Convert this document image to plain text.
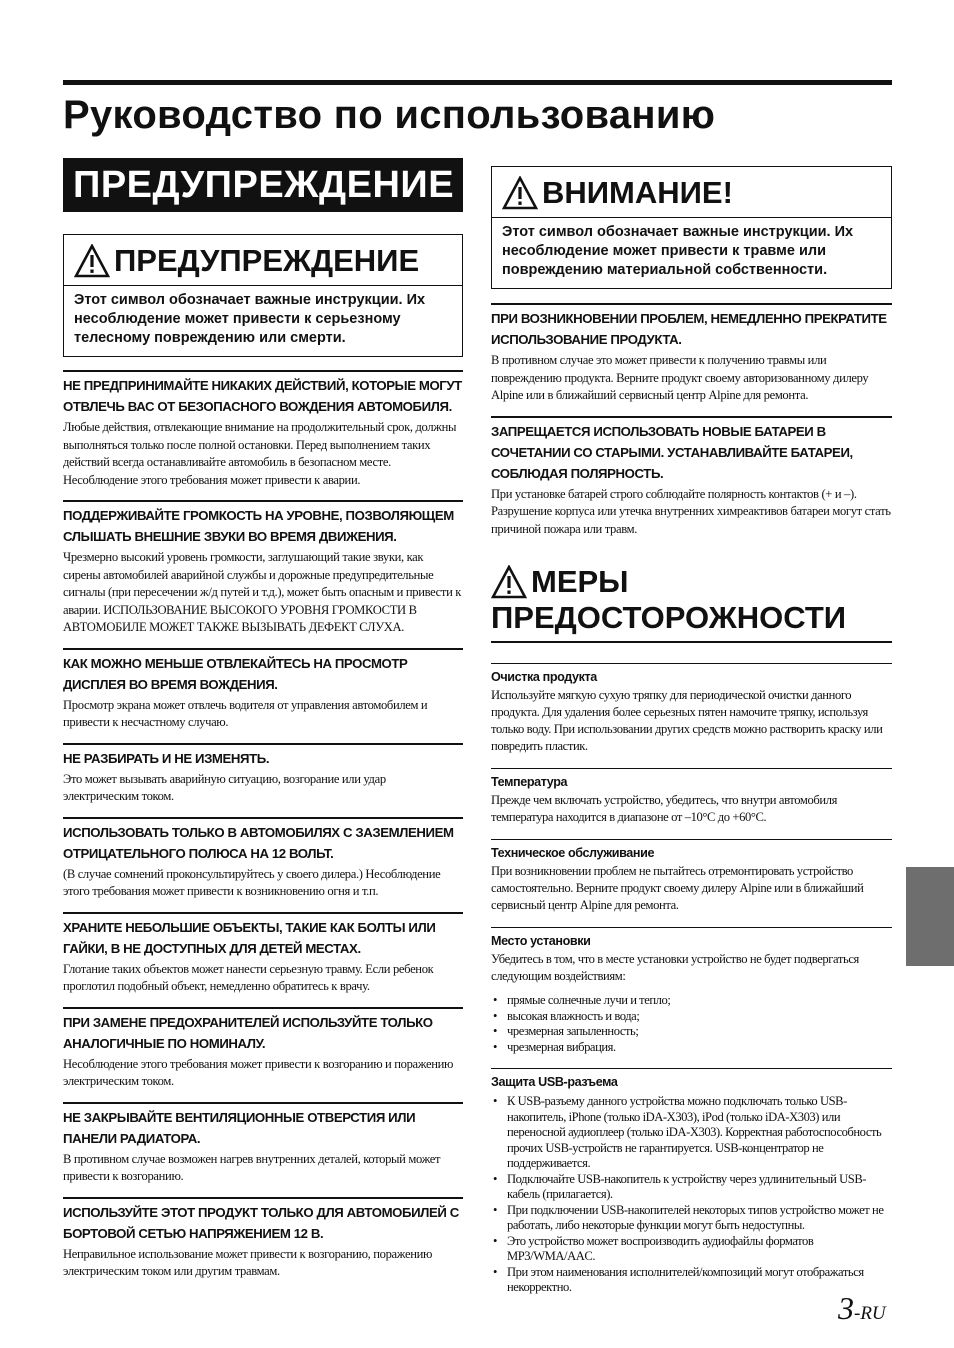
Руководство по использованию
ПРЕДУПРЕЖДЕНИЕ
ПРЕДУПРЕЖДЕНИЕ
Этот символ обозначает важные инструкции. Их несоблюдение может привести к серьезному телесному повреждению или смерти.
НЕ ПРЕДПРИНИМАЙТЕ НИКАКИХ ДЕЙСТВИЙ, КОТОРЫЕ МОГУТ ОТВЛЕЧЬ ВАС ОТ БЕЗОПАСНОГО ВОЖДЕНИЯ АВТОМОБИЛЯ.
Любые действия, отвлекающие внимание на продолжительный срок, должны выполняться только после полной остановки. Перед выполнением таких действий всегда останавливайте автомобиль в безопасном месте. Несоблюдение этого требования может привести к аварии.
ПОДДЕРЖИВАЙТЕ ГРОМКОСТЬ НА УРОВНЕ, ПОЗВОЛЯЮЩЕМ СЛЫШАТЬ ВНЕШНИЕ ЗВУКИ ВО ВРЕМЯ ДВИЖЕНИЯ.
Чрезмерно высокий уровень громкости, заглушающий такие звуки, как сирены автомобилей аварийной службы и дорожные предупредительные сигналы (при пересечении ж/д путей и т.д.), может быть опасным и привести к аварии. ИСПОЛЬЗОВАНИЕ ВЫСОКОГО УРОВНЯ ГРОМКОСТИ В АВТОМОБИЛЕ МОЖЕТ ТАКЖЕ ВЫЗЫВАТЬ ДЕФЕКТ СЛУХА.
КАК МОЖНО МЕНЬШЕ ОТВЛЕКАЙТЕСЬ НА ПРОСМОТР ДИСПЛЕЯ ВО ВРЕМЯ ВОЖДЕНИЯ.
Просмотр экрана может отвлечь водителя от управления автомобилем и привести к несчастному случаю.
НЕ РАЗБИРАТЬ И НЕ ИЗМЕНЯТЬ.
Это может вызывать аварийную ситуацию, возгорание или удар электрическим током.
ИСПОЛЬЗОВАТЬ ТОЛЬКО В АВТОМОБИЛЯХ С ЗАЗЕМЛЕНИЕМ ОТРИЦАТЕЛЬНОГО ПОЛЮСА НА 12 ВОЛЬТ.
(В случае сомнений проконсультируйтесь у своего дилера.) Несоблюдение этого требования может привести к возникновению огня и т.п.
ХРАНИТЕ НЕБОЛЬШИЕ ОБЪЕКТЫ, ТАКИЕ КАК БОЛТЫ ИЛИ ГАЙКИ, В НЕ ДОСТУПНЫХ ДЛЯ ДЕТЕЙ МЕСТАХ.
Глотание таких объектов может нанести серьезную травму. Если ребенок проглотил подобный объект, немедленно обратитесь к врачу.
ПРИ ЗАМЕНЕ ПРЕДОХРАНИТЕЛЕЙ ИСПОЛЬЗУЙТЕ ТОЛЬКО АНАЛОГИЧНЫЕ ПО НОМИНАЛУ.
Несоблюдение этого требования может привести к возгоранию и поражению электрическим током.
НЕ ЗАКРЫВАЙТЕ ВЕНТИЛЯЦИОННЫЕ ОТВЕРСТИЯ ИЛИ ПАНЕЛИ РАДИАТОРА.
В противном случае возможен нагрев внутренних деталей, который может привести к возгоранию.
ИСПОЛЬЗУЙТЕ ЭТОТ ПРОДУКТ ТОЛЬКО ДЛЯ АВТОМОБИЛЕЙ С БОРТОВОЙ СЕТЬЮ НАПРЯЖЕНИЕМ 12 В.
Неправильное использование может привести к возгоранию, поражению электрическим током или другим травмам.
ВНИМАНИЕ!
Этот символ обозначает важные инструкции. Их несоблюдение может привести к травме или повреждению материальной собственности.
ПРИ ВОЗНИКНОВЕНИИ ПРОБЛЕМ, НЕМЕДЛЕННО ПРЕКРАТИТЕ ИСПОЛЬЗОВАНИЕ ПРОДУКТА.
В противном случае это может привести к получению травмы или повреждению продукта. Верните продукт своему авторизованному дилеру Alpine или в ближайший сервисный центр Alpine для ремонта.
ЗАПРЕЩАЕТСЯ ИСПОЛЬЗОВАТЬ НОВЫЕ БАТАРЕИ В СОЧЕТАНИИ СО СТАРЫМИ. УСТАНАВЛИВАЙТЕ БАТАРЕИ, СОБЛЮДАЯ ПОЛЯРНОСТЬ.
При установке батарей строго соблюдайте полярность контактов (+ и –). Разрушение корпуса или утечка внутренних химреактивов батареи могут стать причиной пожара или травм.
МЕРЫ
ПРЕДОСТОРОЖНОСТИ
Очистка продукта
Используйте мягкую сухую тряпку для периодической очистки данного продукта. Для удаления более серьезных пятен намочите тряпку, используя только воду. При использовании других средств можно растворить краску или повредить пластик.
Температура
Прежде чем включать устройство, убедитесь, что внутри автомобиля температура находится в диапазоне от –10°C до +60°C.
Техническое обслуживание
При возникновении проблем не пытайтесь отремонтировать устройство самостоятельно. Верните продукт своему дилеру Alpine или в ближайший сервисный центр Alpine для ремонта.
Место установки
Убедитесь в том, что в месте установки устройство не будет подвергаться следующим воздействиям:
• прямые солнечные лучи и тепло;
• высокая влажность и вода;
• чрезмерная запыленность;
• чрезмерная вибрация.
Защита USB-разъема
• К USB-разъему данного устройства можно подключать только USB-накопитель, iPhone (только iDA-X303), iPod (только iDA-X303) или переносной аудиоплеер (только iDA-X303). Корректная работоспособность прочих USB-устройств не гарантируется. USB-концентратор не поддерживается.
• Подключайте USB-накопитель к устройству через удлинительный USB-кабель (прилагается).
• При подключении USB-накопителей некоторых типов устройство может не работать, либо некоторые функции могут быть недоступны.
• Это устройство может воспроизводить аудиофайлы форматов MP3/WMA/AAC.
• При этом наименования исполнителей/композиций могут отображаться некорректно.
3-RU
